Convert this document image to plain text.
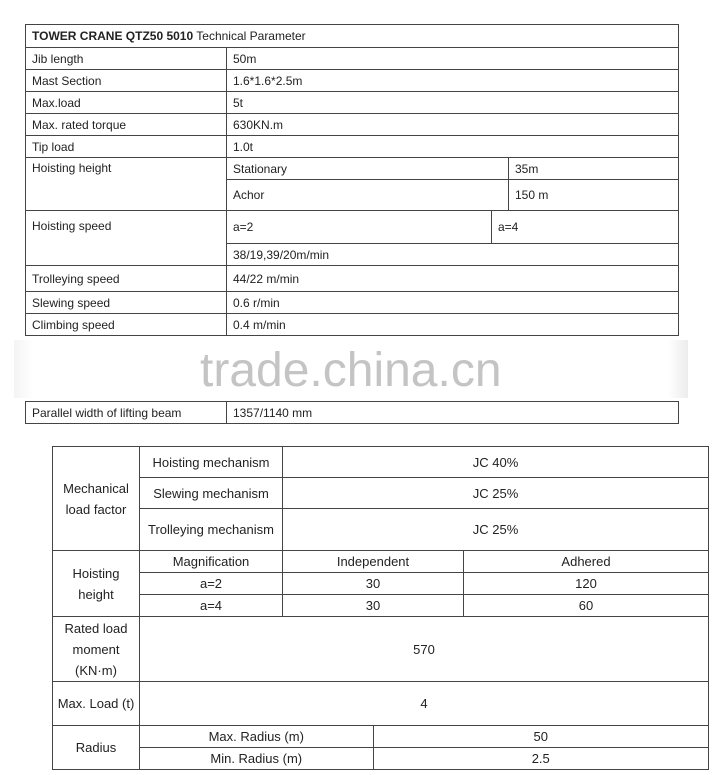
TOWER CRANE QTZ50 5010 Technical Parameter		
Jib length	50m	
Mast Section	1.6*1.6*2.5m	
Max.load	5t	
Max. rated torque	630KN.m	
Tip load	1.0t	
Hoisting height	Stationary	35m
	Achor	150 m
Hoisting speed	a=2 a=4	

	38/19,39/20m/min	
Trolleying speed	44/22 m/min	
Slewing speed	0.6 r/min	
Climbing speed	0.4 m/min	

Parallel width of lifting beam	1357/1140 mm	
trade.china.cn
Mechanical load factor	Hoisting mechanism	JC 40%		
	Slewing mechanism	JC 25%		
	Trolleying mechanism	JC 25%		
Hoisting height	Magnification	Independent		Adhered
	a=2	30		120
	a=4	30		60
Rated load moment (KN·m)	570			
Max. Load (t)	4			
Radius	Max. Radius (m)		50	
	Min. Radius (m)		2.5	
